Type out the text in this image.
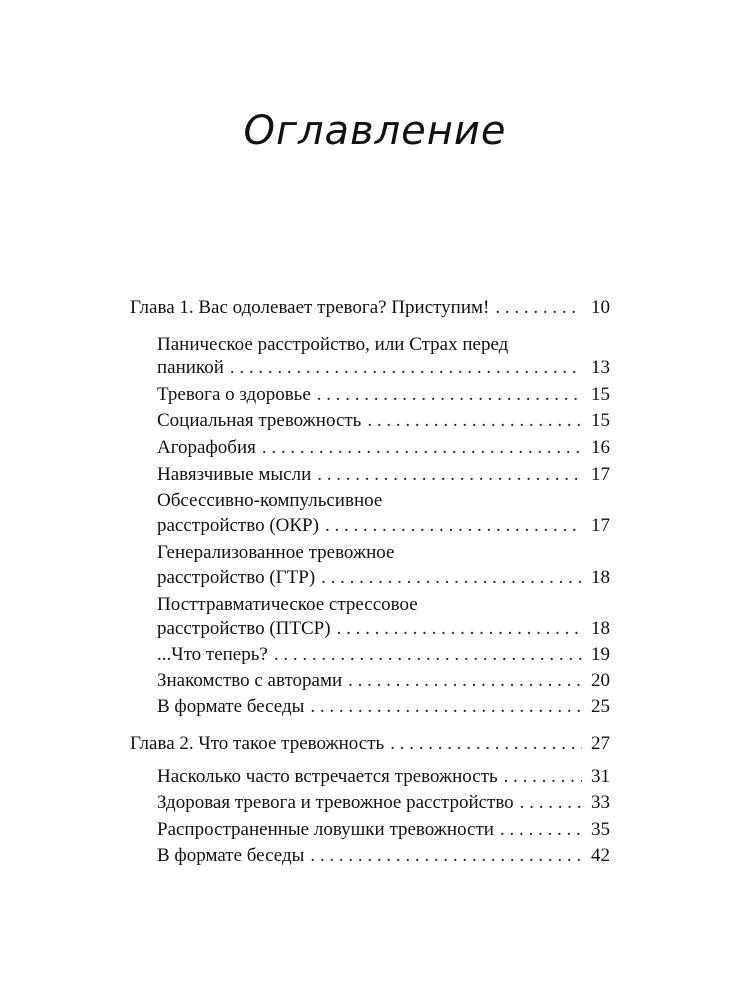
Оглавление
Глава 1. Вас одолевает тревога? Приступим! . . .	10
Паническое расстройство, или Страх перед
паникой . . .	13
Тревога о здоровье . . .	15
Социальная тревожность . . .	15
Агорафобия . . .	16
Навязчивые мысли . . .	17
Обсессивно-компульсивное
расстройство (ОКР) . . .	17
Генерализованное тревожное
расстройство (ГТР) . . .	18
Посттравматическое стрессовое
расстройство (ПТСР) . . .	18
...Что теперь? . . .	19
Знакомство с авторами . . .	20
В формате беседы . . .	25
Глава 2. Что такое тревожность . . .	27
Насколько часто встречается тревожность . . .	31
Здоровая тревога и тревожное расстройство . . .	33
Распространенные ловушки тревожности . . .	35
В формате беседы . . .	42
